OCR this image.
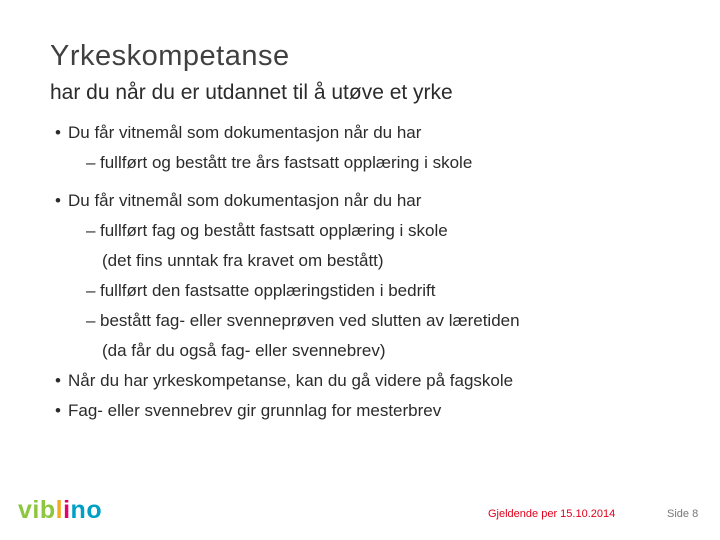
Yrkeskompetanse
har du når du er utdannet til å utøve et yrke
• Du får vitnemål som dokumentasjon når du har
– fullført og bestått tre års fastsatt opplæring i skole
• Du får vitnemål som dokumentasjon når du har
– fullført fag og bestått fastsatt opplæring i skole
(det fins unntak fra kravet om bestått)
– fullført den fastsatte opplæringstiden i bedrift
– bestått fag- eller svenneprøven ved slutten av læretiden
(da får du også fag- eller svennebrev)
• Når du har yrkeskompetanse, kan du gå videre på fagskole
• Fag- eller svennebrev gir grunnlag for mesterbrev
viblino	Gjeldende per 15.10.2014	Side 8
